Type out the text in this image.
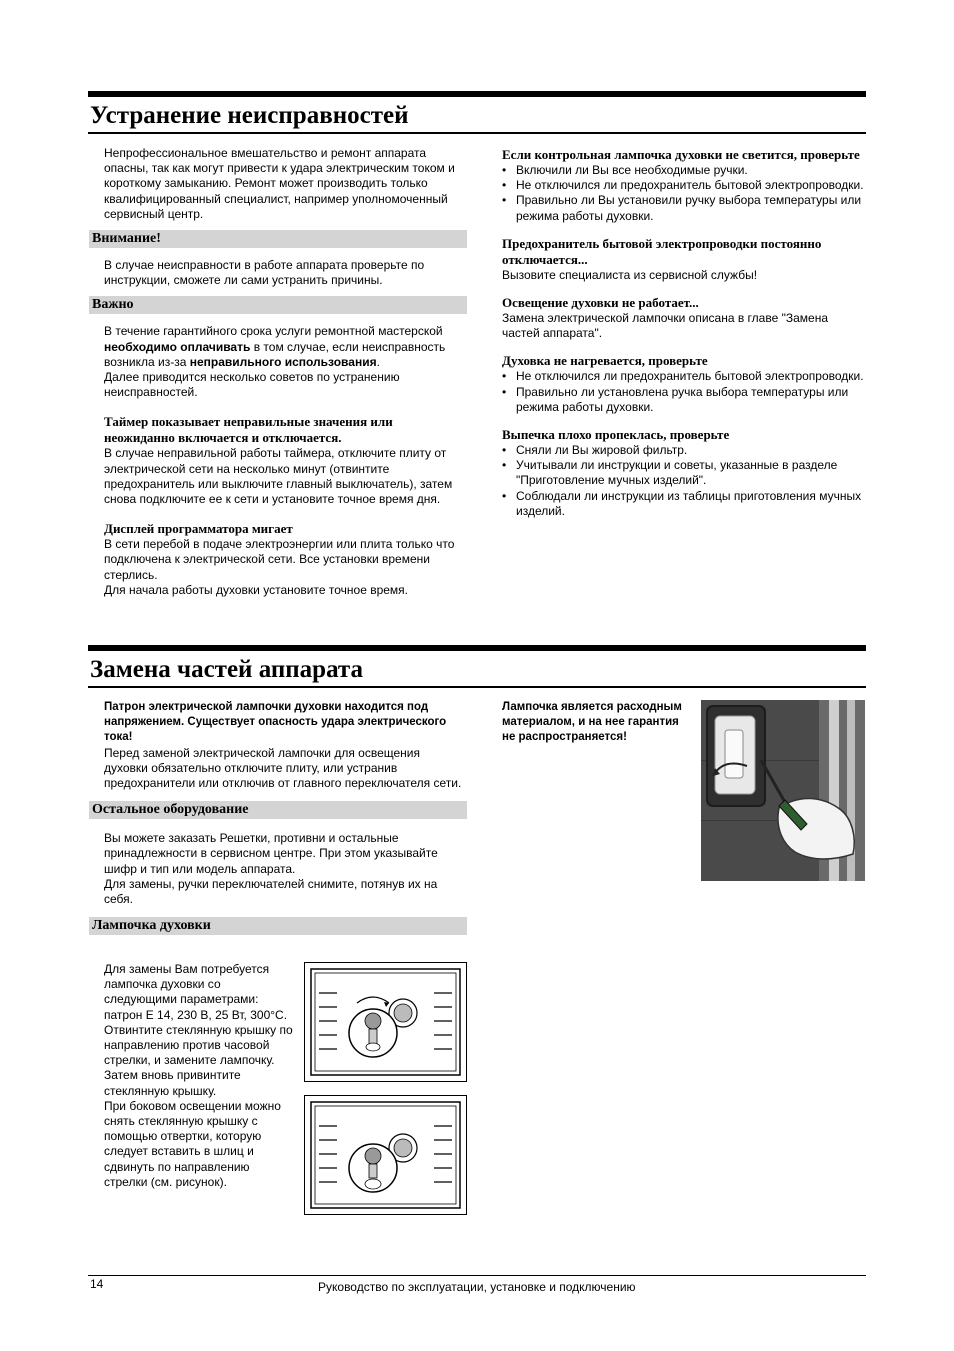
Устранение неисправностей

Непрофессиональное вмешательство и ремонт аппарата опасны, так как могут привести к удара электрическим током и короткому замыканию. Ремонт может производить только квалифицированный специалист, например уполномоченный сервисный центр.

Внимание!

В случае неисправности в работе аппарата проверьте по инструкции, сможете ли сами устранить причины.

Важно

В течение гарантийного срока услуги ремонтной мастерской необходимо оплачивать в том случае, если неисправность возникла из-за неправильного использования.

Далее приводится несколько советов по устранению неисправностей.

Таймер показывает неправильные значения или неожиданно включается и отключается.

В случае неправильной работы таймера, отключите плиту от электрической сети на несколько минут (отвинтите предохранитель или выключите главный выключатель), затем снова подключите ее к сети и установите точное время дня.

Дисплей программатора мигает

В сети перебой в подаче электроэнергии или плита только что подключена к электрической сети. Все установки времени стерлись.

Для начала работы духовки установите точное время.

Если контрольная лампочка духовки не светится, проверьте

• Включили ли Вы все необходимые ручки.
• Не отключился ли предохранитель бытовой электропроводки.
• Правильно ли Вы установили ручку выбора температуры или режима работы духовки.

Предохранитель бытовой электропроводки постоянно отключается...

Вызовите специалиста из сервисной службы!

Освещение духовки не работает...

Замена электрической лампочки описана в главе "Замена частей аппарата".

Духовка не нагревается, проверьте

• Не отключился ли предохранитель бытовой электропроводки.
• Правильно ли установлена ручка выбора температуры или режима работы духовки.

Выпечка плохо пропеклась, проверьте

• Сняли ли Вы жировой фильтр.
• Учитывали ли инструкции и советы, указанные в разделе "Приготовление мучных изделий".
• Соблюдали ли инструкции из таблицы приготовления мучных изделий.
Замена частей аппарата

Патрон электрической лампочки духовки находится под напряжением. Существует опасность удара электрического тока!

Перед заменой электрической лампочки для освещения духовки обязательно отключите плиту, или устранив предохранители или отключив от главного переключателя сети.

Остальное оборудование

Вы можете заказать Решетки, противни и остальные принадлежности в сервисном центре. При этом указывайте шифр и тип или модель аппарата.

Для замены, ручки переключателей снимите, потянув их на себя.

Лампочка духовки

Для замены Вам потребуется лампочка духовки со следующими параметрами: патрон E 14, 230 В, 25 Вт, 300°C.

Отвинтите стеклянную крышку по направлению против часовой стрелки, и замените лампочку. Затем вновь привинтите стеклянную крышку.

При боковом освещении можно снять стеклянную крышку с помощью отвертки, которую следует вставить в шлиц и сдвинуть по направлению стрелки (см. рисунок).

Лампочка является расходным материалом, и на нее гарантия не распространяется!

14	Руководство по эксплуатации, установке и подключению
